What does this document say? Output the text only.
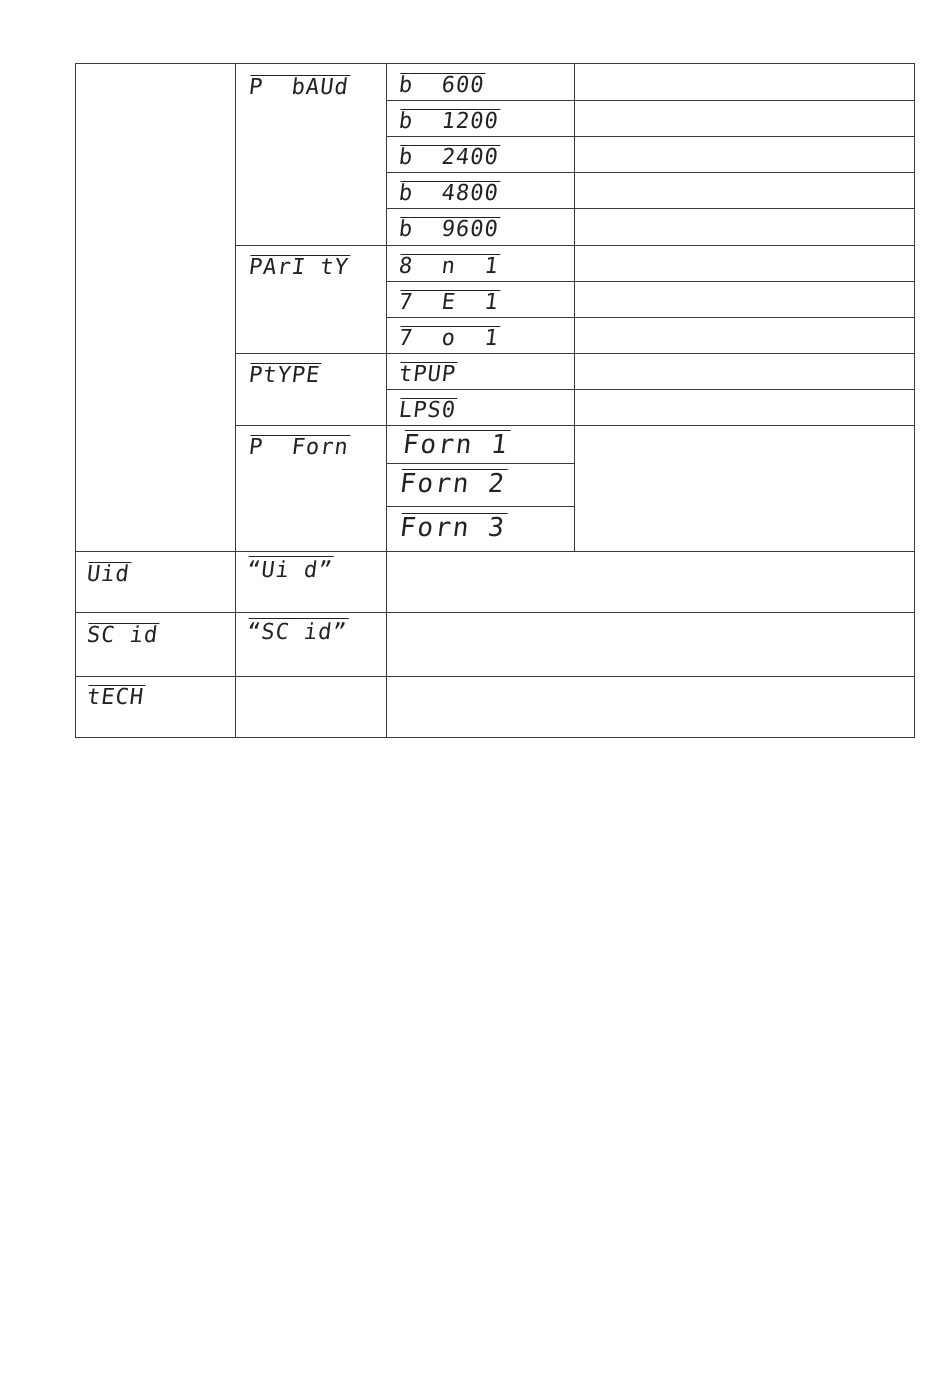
P  bAUd
PArI tY
PtYPE
P  Forn
b  600
b  1200
b  2400
b  4800
b  9600
8  n  1
7  E  1
7  o  1
tPUP
LPS0
Forn 1
Forn 2
Forn 3
Uid	“Ui d”
SC id	“SC id”
tECH
